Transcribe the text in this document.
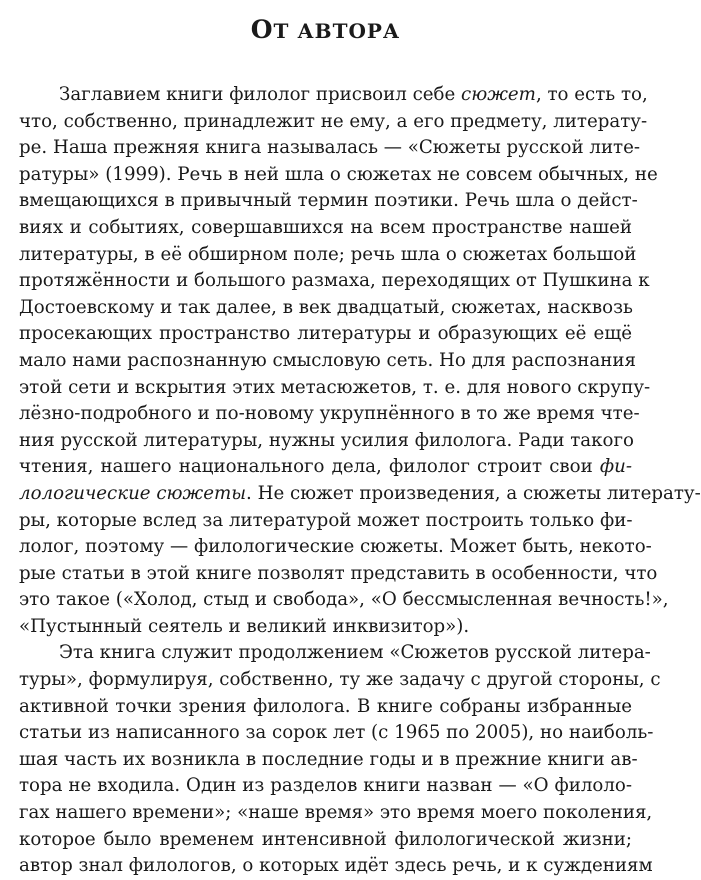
ОТ АВТОРА
Заглавием книги филолог присвоил себе сюжет, то есть то,
что, собственно, принадлежит не ему, а его предмету, литерату-
ре. Наша прежняя книга называлась — «Сюжеты русской лите-
ратуры» (1999). Речь в ней шла о сюжетах не совсем обычных, не
вмещающихся в привычный термин поэтики. Речь шла о дейст-
виях и событиях, совершавшихся на всем пространстве нашей
литературы, в её обширном поле; речь шла о сюжетах большой
протяжённости и большого размаха, переходящих от Пушкина к
Достоевскому и так далее, в век двадцатый, сюжетах, насквозь
просекающих пространство литературы и образующих её ещё
мало нами распознанную смысловую сеть. Но для распознания
этой сети и вскрытия этих метасюжетов, т. е. для нового скрупу-
лёзно-подробного и по-новому укрупнённого в то же время чте-
ния русской литературы, нужны усилия филолога. Ради такого
чтения, нашего национального дела, филолог строит свои фи-
лологические сюжеты. Не сюжет произведения, а сюжеты литерату-
ры, которые вслед за литературой может построить только фи-
лолог, поэтому — филологические сюжеты. Может быть, некото-
рые статьи в этой книге позволят представить в особенности, что
это такое («Холод, стыд и свобода», «О бессмысленная вечность!»,
«Пустынный сеятель и великий инквизитор»).
Эта книга служит продолжением «Сюжетов русской литера-
туры», формулируя, собственно, ту же задачу с другой стороны, с
активной точки зрения филолога. В книге собраны избранные
статьи из написанного за сорок лет (с 1965 по 2005), но наибoль-
шая часть их возникла в последние годы и в прежние книги ав-
тора не входила. Один из разделов книги назван — «О филоло-
гах нашего времени»; «наше время» это время моего поколения,
которое было временем интенсивной филологической жизни;
автор знал филологов, о которых идёт здесь речь, и к суждениям
